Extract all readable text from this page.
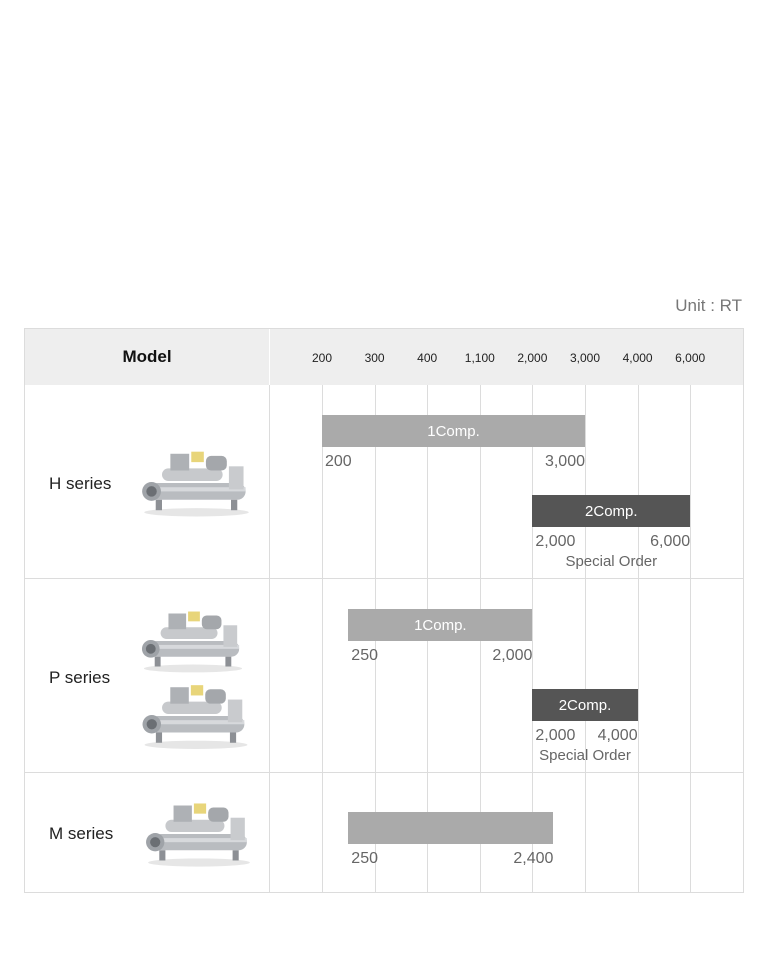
Unit : RT
Model	200	300	400 1,100 2,000 3,000 4,000 6,000
H series
1Comp.
200	3,000
2Comp.
2,000	6,000
Special Order
P series
1Comp.
250	2,000
2Comp.
2,000 4,000
Special Order
M series
250	2,400
